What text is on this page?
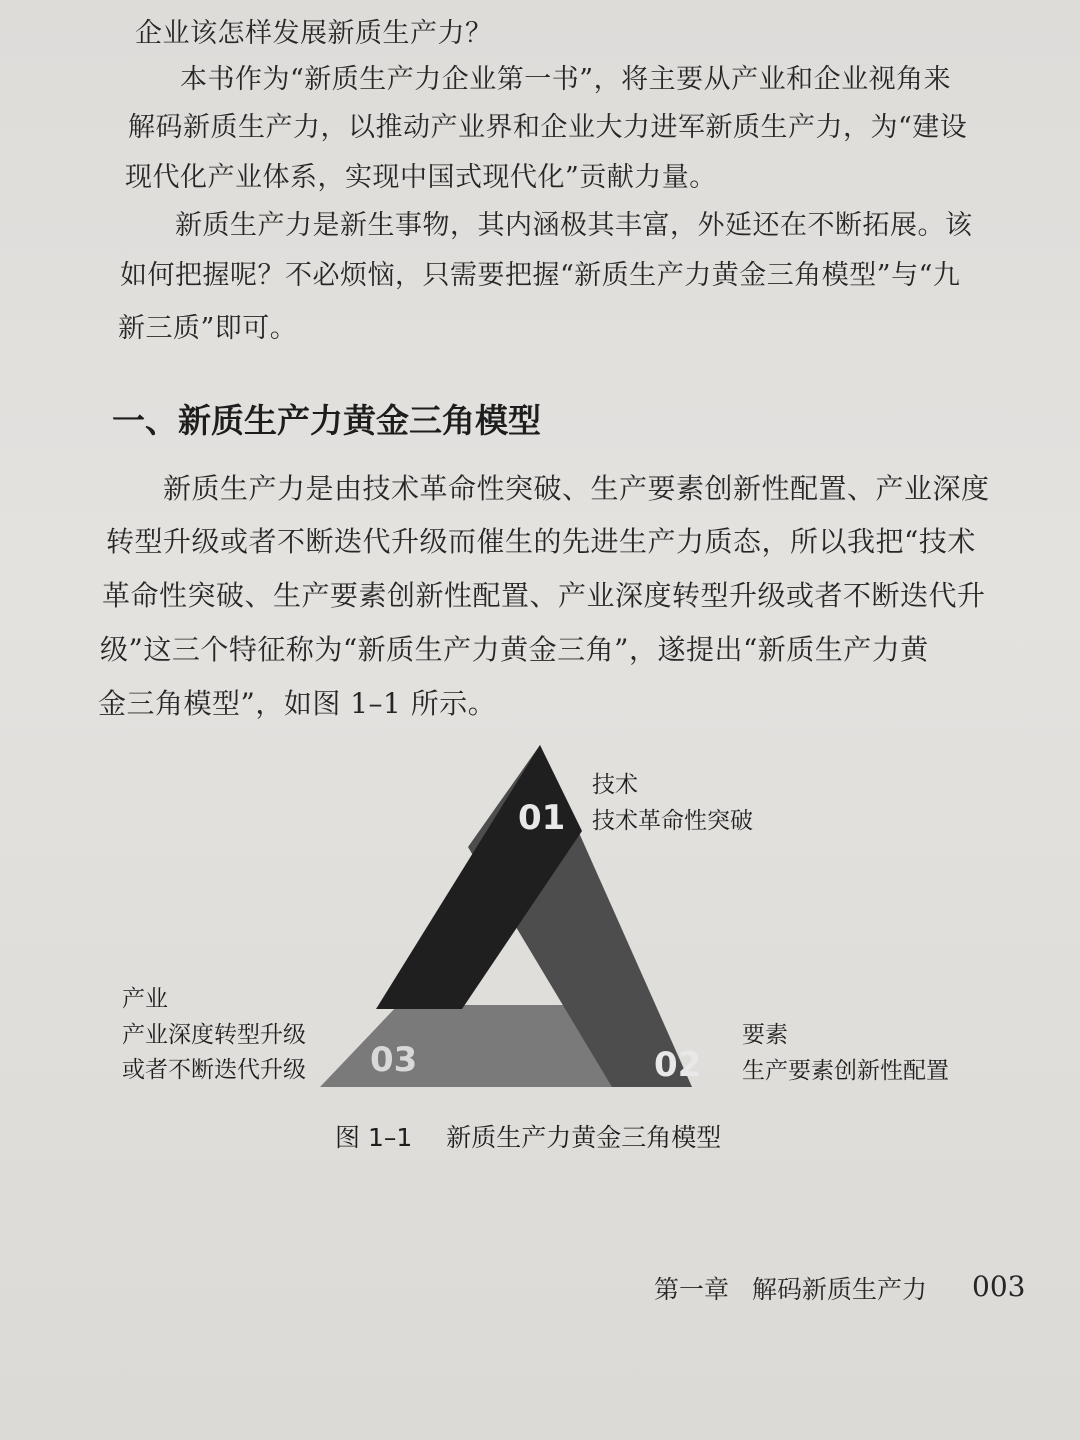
企业该怎样发展新质生产力？
本书作为“新质生产力企业第一书”，将主要从产业和企业视角来
解码新质生产力，以推动产业界和企业大力进军新质生产力，为“建设
现代化产业体系，实现中国式现代化”贡献力量。
新质生产力是新生事物，其内涵极其丰富，外延还在不断拓展。该
如何把握呢？不必烦恼，只需要把握“新质生产力黄金三角模型”与“九
新三质”即可。
一、新质生产力黄金三角模型
新质生产力是由技术革命性突破、生产要素创新性配置、产业深度
转型升级或者不断迭代升级而催生的先进生产力质态，所以我把“技术
革命性突破、生产要素创新性配置、产业深度转型升级或者不断迭代升
级”这三个特征称为“新质生产力黄金三角”，遂提出“新质生产力黄
金三角模型”，如图 1–1 所示。
01
02
03
技术
技术革命性突破
要素
生产要素创新性配置
产业
产业深度转型升级
或者不断迭代升级
图 1–1 新质生产力黄金三角模型
第一章 解码新质生产力 003
